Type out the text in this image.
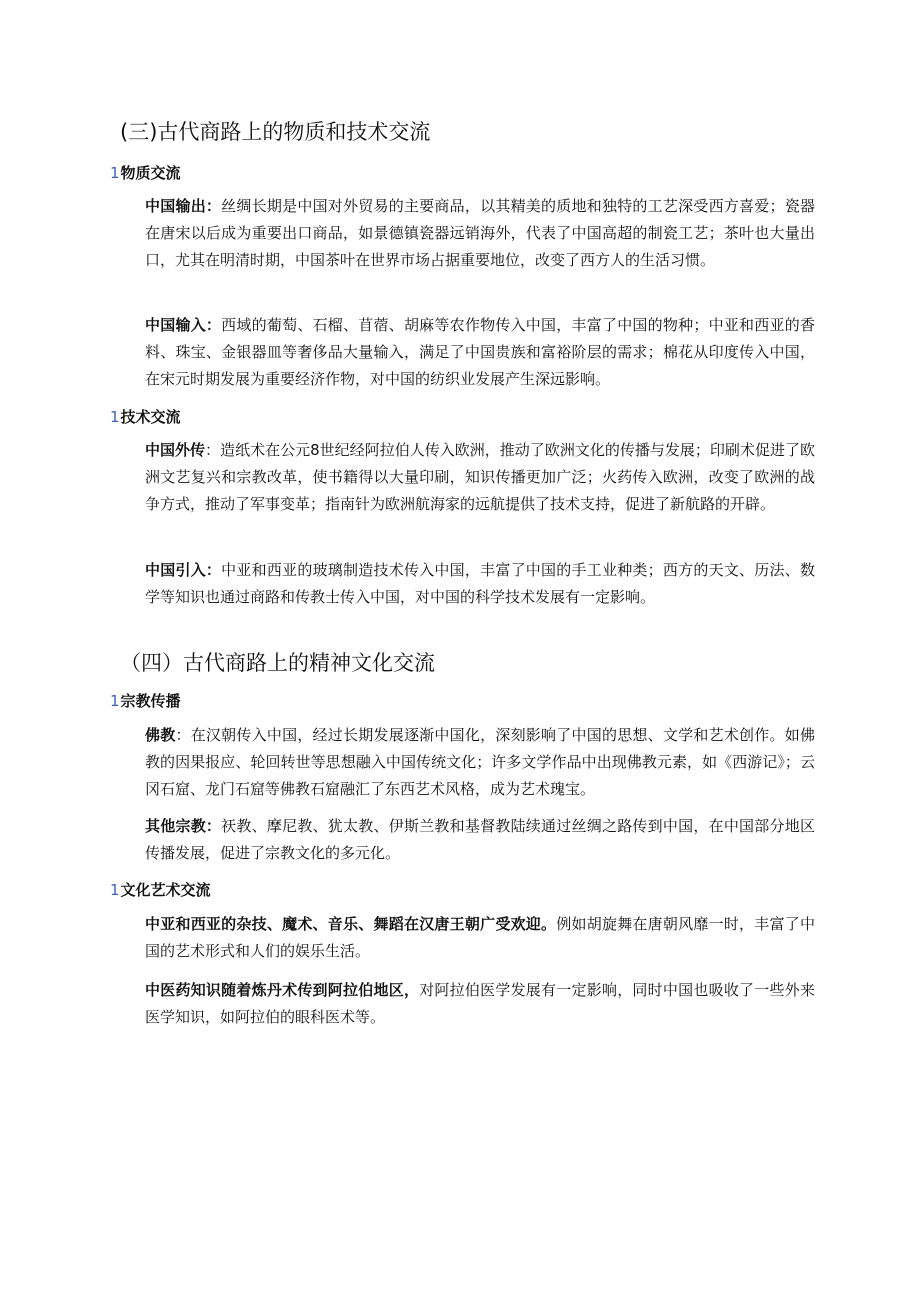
(三)古代商路上的物质和技术交流
1物质交流

中国输出：丝绸长期是中国对外贸易的主要商品，以其精美的质地和独特的工艺深受西方喜爱；瓷器在唐宋以后成为重要出口商品，如景德镇瓷器远销海外，代表了中国高超的制瓷工艺；茶叶也大量出口，尤其在明清时期，中国茶叶在世界市场占据重要地位，改变了西方人的生活习惯。

中国输入：西域的葡萄、石榴、苜蓿、胡麻等农作物传入中国，丰富了中国的物种；中亚和西亚的香料、珠宝、金银器皿等奢侈品大量输入，满足了中国贵族和富裕阶层的需求；棉花从印度传入中国，在宋元时期发展为重要经济作物，对中国的纺织业发展产生深远影响。

1技术交流

中国外传：造纸术在公元8世纪经阿拉伯人传入欧洲，推动了欧洲文化的传播与发展；印刷术促进了欧洲文艺复兴和宗教改革，使书籍得以大量印刷，知识传播更加广泛；火药传入欧洲，改变了欧洲的战争方式，推动了军事变革；指南针为欧洲航海家的远航提供了技术支持，促进了新航路的开辟。

中国引入：中亚和西亚的玻璃制造技术传入中国，丰富了中国的手工业种类；西方的天文、历法、数学等知识也通过商路和传教士传入中国，对中国的科学技术发展有一定影响。

（四）古代商路上的精神文化交流
1宗教传播

佛教：在汉朝传入中国，经过长期发展逐渐中国化，深刻影响了中国的思想、文学和艺术创作。如佛教的因果报应、轮回转世等思想融入中国传统文化；许多文学作品中出现佛教元素，如《西游记》；云冈石窟、龙门石窟等佛教石窟融汇了东西艺术风格，成为艺术瑰宝。

其他宗教：祆教、摩尼教、犹太教、伊斯兰教和基督教陆续通过丝绸之路传到中国，在中国部分地区传播发展，促进了宗教文化的多元化。

1文化艺术交流

中亚和西亚的杂技、魔术、音乐、舞蹈在汉唐王朝广受欢迎。例如胡旋舞在唐朝风靡一时，丰富了中国的艺术形式和人们的娱乐生活。

中医药知识随着炼丹术传到阿拉伯地区，对阿拉伯医学发展有一定影响，同时中国也吸收了一些外来医学知识，如阿拉伯的眼科医术等。
